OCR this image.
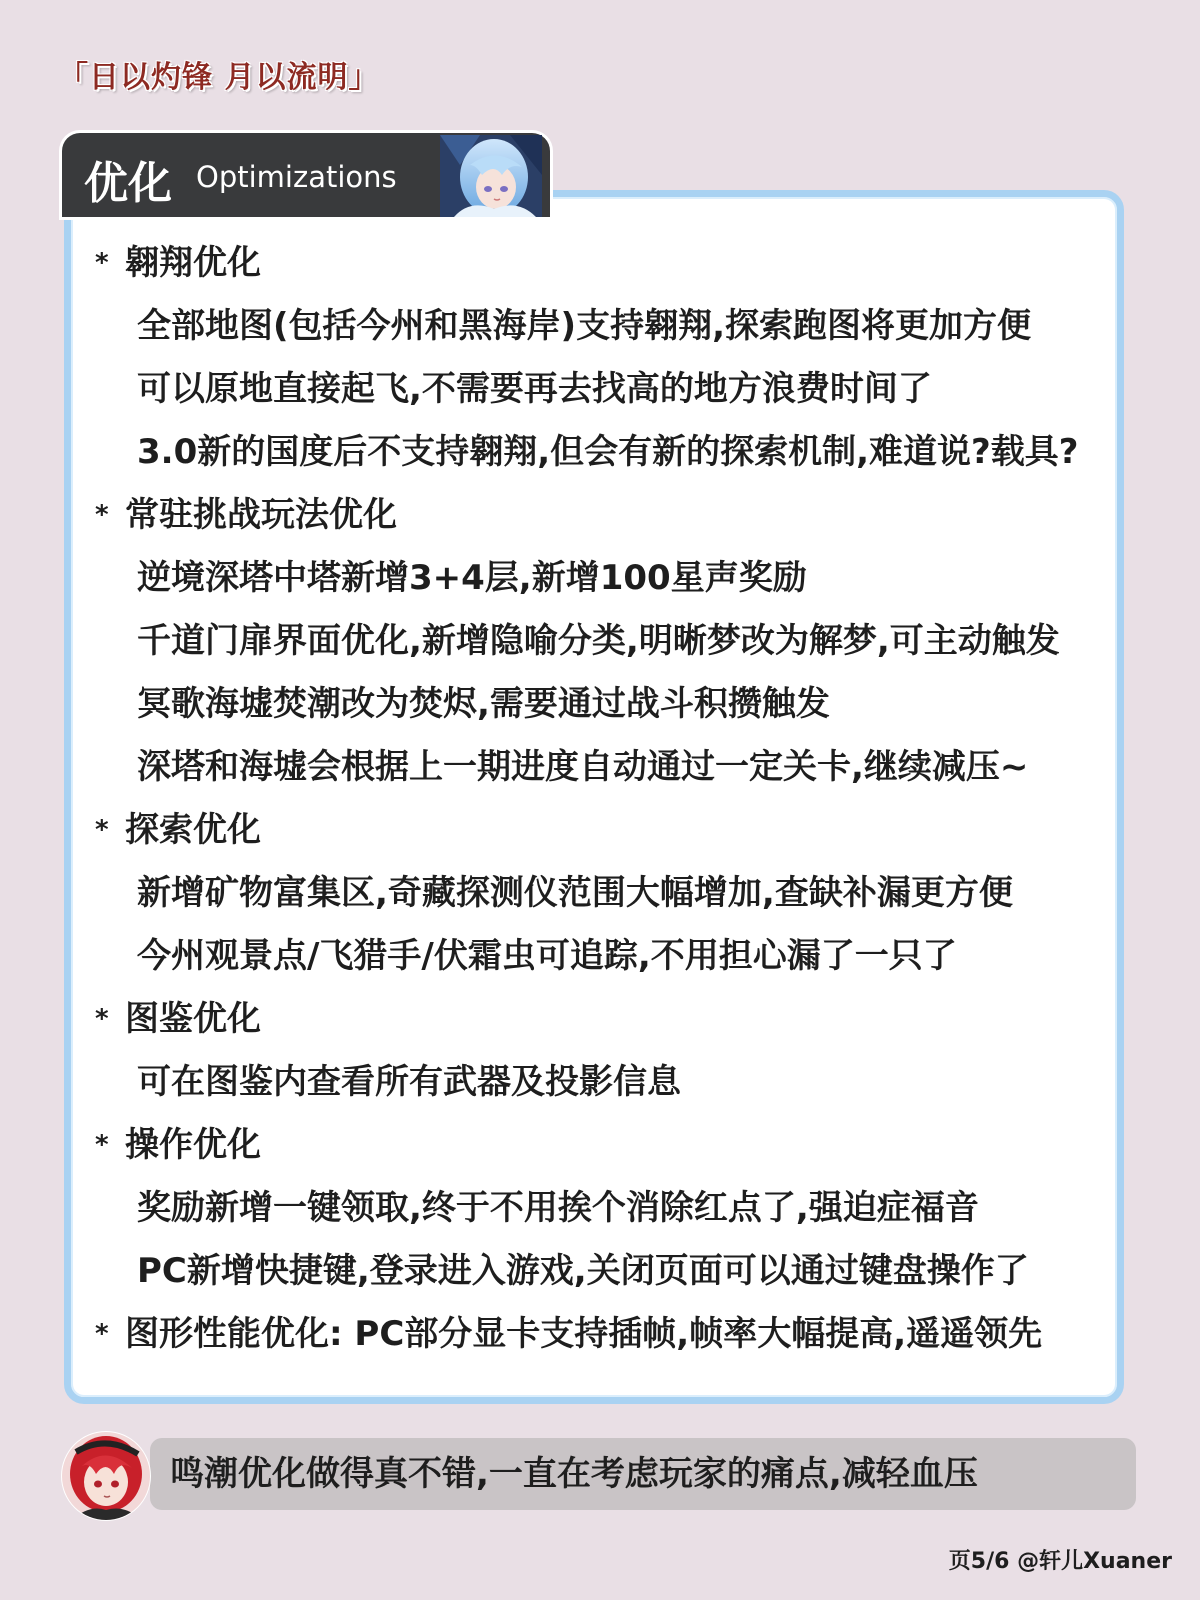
「日以灼锋 月以流明」
优化 Optimizations
* 翱翔优化
全部地图(包括今州和黑海岸)支持翱翔,探索跑图将更加方便
可以原地直接起飞,不需要再去找高的地方浪费时间了
3.0新的国度后不支持翱翔,但会有新的探索机制,难道说?载具?
* 常驻挑战玩法优化
逆境深塔中塔新增3+4层,新增100星声奖励
千道门扉界面优化,新增隐喻分类,明晰梦改为解梦,可主动触发
冥歌海墟焚潮改为焚烬,需要通过战斗积攒触发
深塔和海墟会根据上一期进度自动通过一定关卡,继续减压~
* 探索优化
新增矿物富集区,奇藏探测仪范围大幅增加,查缺补漏更方便
今州观景点/飞猎手/伏霜虫可追踪,不用担心漏了一只了
* 图鉴优化
可在图鉴内查看所有武器及投影信息
* 操作优化
奖励新增一键领取,终于不用挨个消除红点了,强迫症福音
PC新增快捷键,登录进入游戏,关闭页面可以通过键盘操作了
* 图形性能优化: PC部分显卡支持插帧,帧率大幅提高,遥遥领先
鸣潮优化做得真不错,一直在考虑玩家的痛点,减轻血压
页5/6 @轩儿Xuaner
